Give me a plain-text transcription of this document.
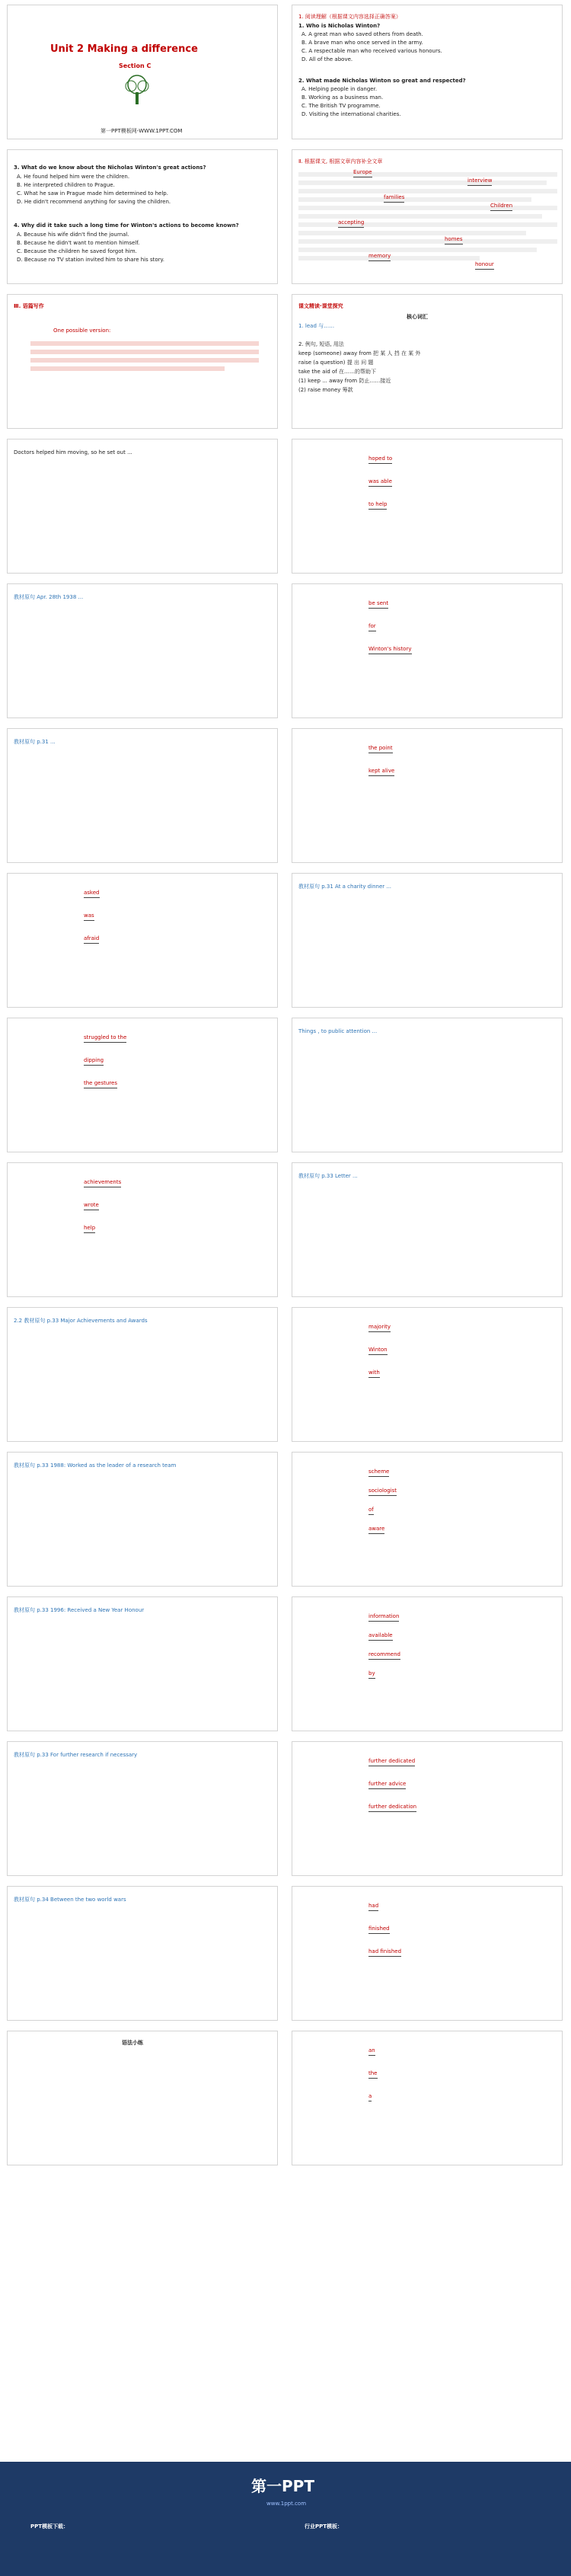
Unit 2 Making a difference
Section C
第一PPT模板网-WWW.1PPT.COM
1. 阅读理解（根据课文内容选择正确答案）
1. Who is Nicholas Winton?
A. A great man who saved others from death.
B. A brave man who once served in the army.
C. A respectable man who received various honours.
D. All of the above.
2. What made Nicholas Winton so great and respected?
A. Helping people in danger.
B. Working as a business man.
C. The British TV programme.
D. Visiting the international charities.
3. What do we know about the Nicholas Winton's great actions?
A. He found helped him were the children.
B. He interpreted children to Prague.
C. What he saw in Prague made him determined to help.
D. He didn't recommend anything for saving the children.
4. Why did it take such a long time for Winton's actions to become known?
A. Because his wife didn't find the journal.
B. Because he didn't want to mention himself.
C. Because the children he saved forgot him.
D. Because no TV station invited him to share his story.
Ⅱ. 根据课文, 根据文章内容补全文章
Europe
interview
families
Children
accepting
homes
memory
honour
Ⅲ. 语篇写作
One possible version:
课文精读·课堂探究
核心词汇
1. lead 与……
2. 例句, 短语, 用法
keep (someone) away from 把 某 人 挡 在 某 外
raise (a question) 提 出 问 题
take the aid of 在……的帮助下
(1) keep ... away from 防止……接近
(2) raise money 筹款
Doctors helped him moving, so he set out ...
hoped to
was able
to help
教材原句 Apr. 28th 1938 ...
be sent
for
Winton's history
教材原句 p.31 ...
the point
kept alive
asked
was
afraid
教材原句 p.31 At a charity dinner ...
struggled to the
dipping
the gestures
Things , to public attention ...
achievements
wrote
help
教材原句 p.33 Letter ...
2.2 教材原句 p.33 Major Achievements and Awards
majority
Winton
with
教材原句 p.33 1988: Worked as the leader of a research team
scheme
sociologist
of
aware
教材原句 p.33 1996: Received a New Year Honour
information
available
recommend
by
教材原句 p.33 For further research if necessary
further dedicated
further advice
further dedication
教材原句 p.34 Between the two world wars
had
finished
had finished
语法小练
an
the
a
第一PPT
www.1ppt.com
PPT模板下载：	行业PPT模板：
